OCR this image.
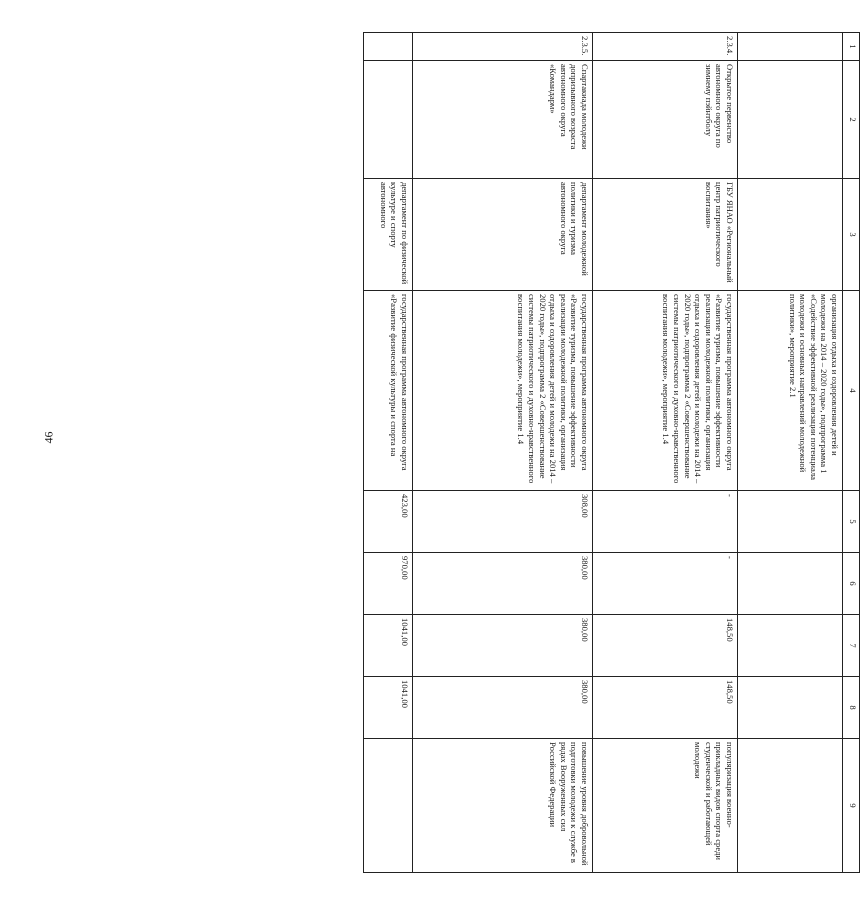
46
1	2	3	4	5	6	7	8	9
			организация отдыха и оздоровления детей и молодежи на 2014 – 2020 годы», подпрограмма 1 «Содействие эффективной реализации потенциала молодежи и основных направлений молодежной политики», мероприятие 2.1					
2.3.4.	Открытое первенство автономного округа по зимнему пэйнтболу	ГБУ ЯНАО «Региональный центр патриотического воспитания»	государственная программа автономного округа «Развитие туризма, повышение эффективности реализации молодежной политики, организация отдыха и оздоровления детей и молодежи на 2014 – 2020 годы», подпрограмма 2 «Совершенствование системы патриотического и духовно-нравственного воспитания молодежи», мероприятие 1.4	-	-	148,50	148,50	популяризация военно-прикладных видов спорта среди студенческой и работающей молодежи
2.3.5.	Спартакиада молодежи допризывного возраста автономного округа «Командарм»	департамент молодежной политики и туризма автономного округа	государственная программа автономного округа «Развитие туризма, повышение эффективности реализации молодежной политики, организация отдыха и оздоровления детей и молодежи на 2014 – 2020 годы», подпрограмма 2 «Совершенствование системы патриотического и духовно-нравственного воспитания молодежи», мероприятие 1.4	308,00	380,00	380,00	380,00	повышение уровня добровольной подготовки молодежи к службе в рядах Вооруженных сил Российской Федерации
		департамент по физической культуре и спорту автономного	государственная программа автономного округа «Развитие физической культуры и спорта на	423,00	970,00	1041,00	1041,00	
